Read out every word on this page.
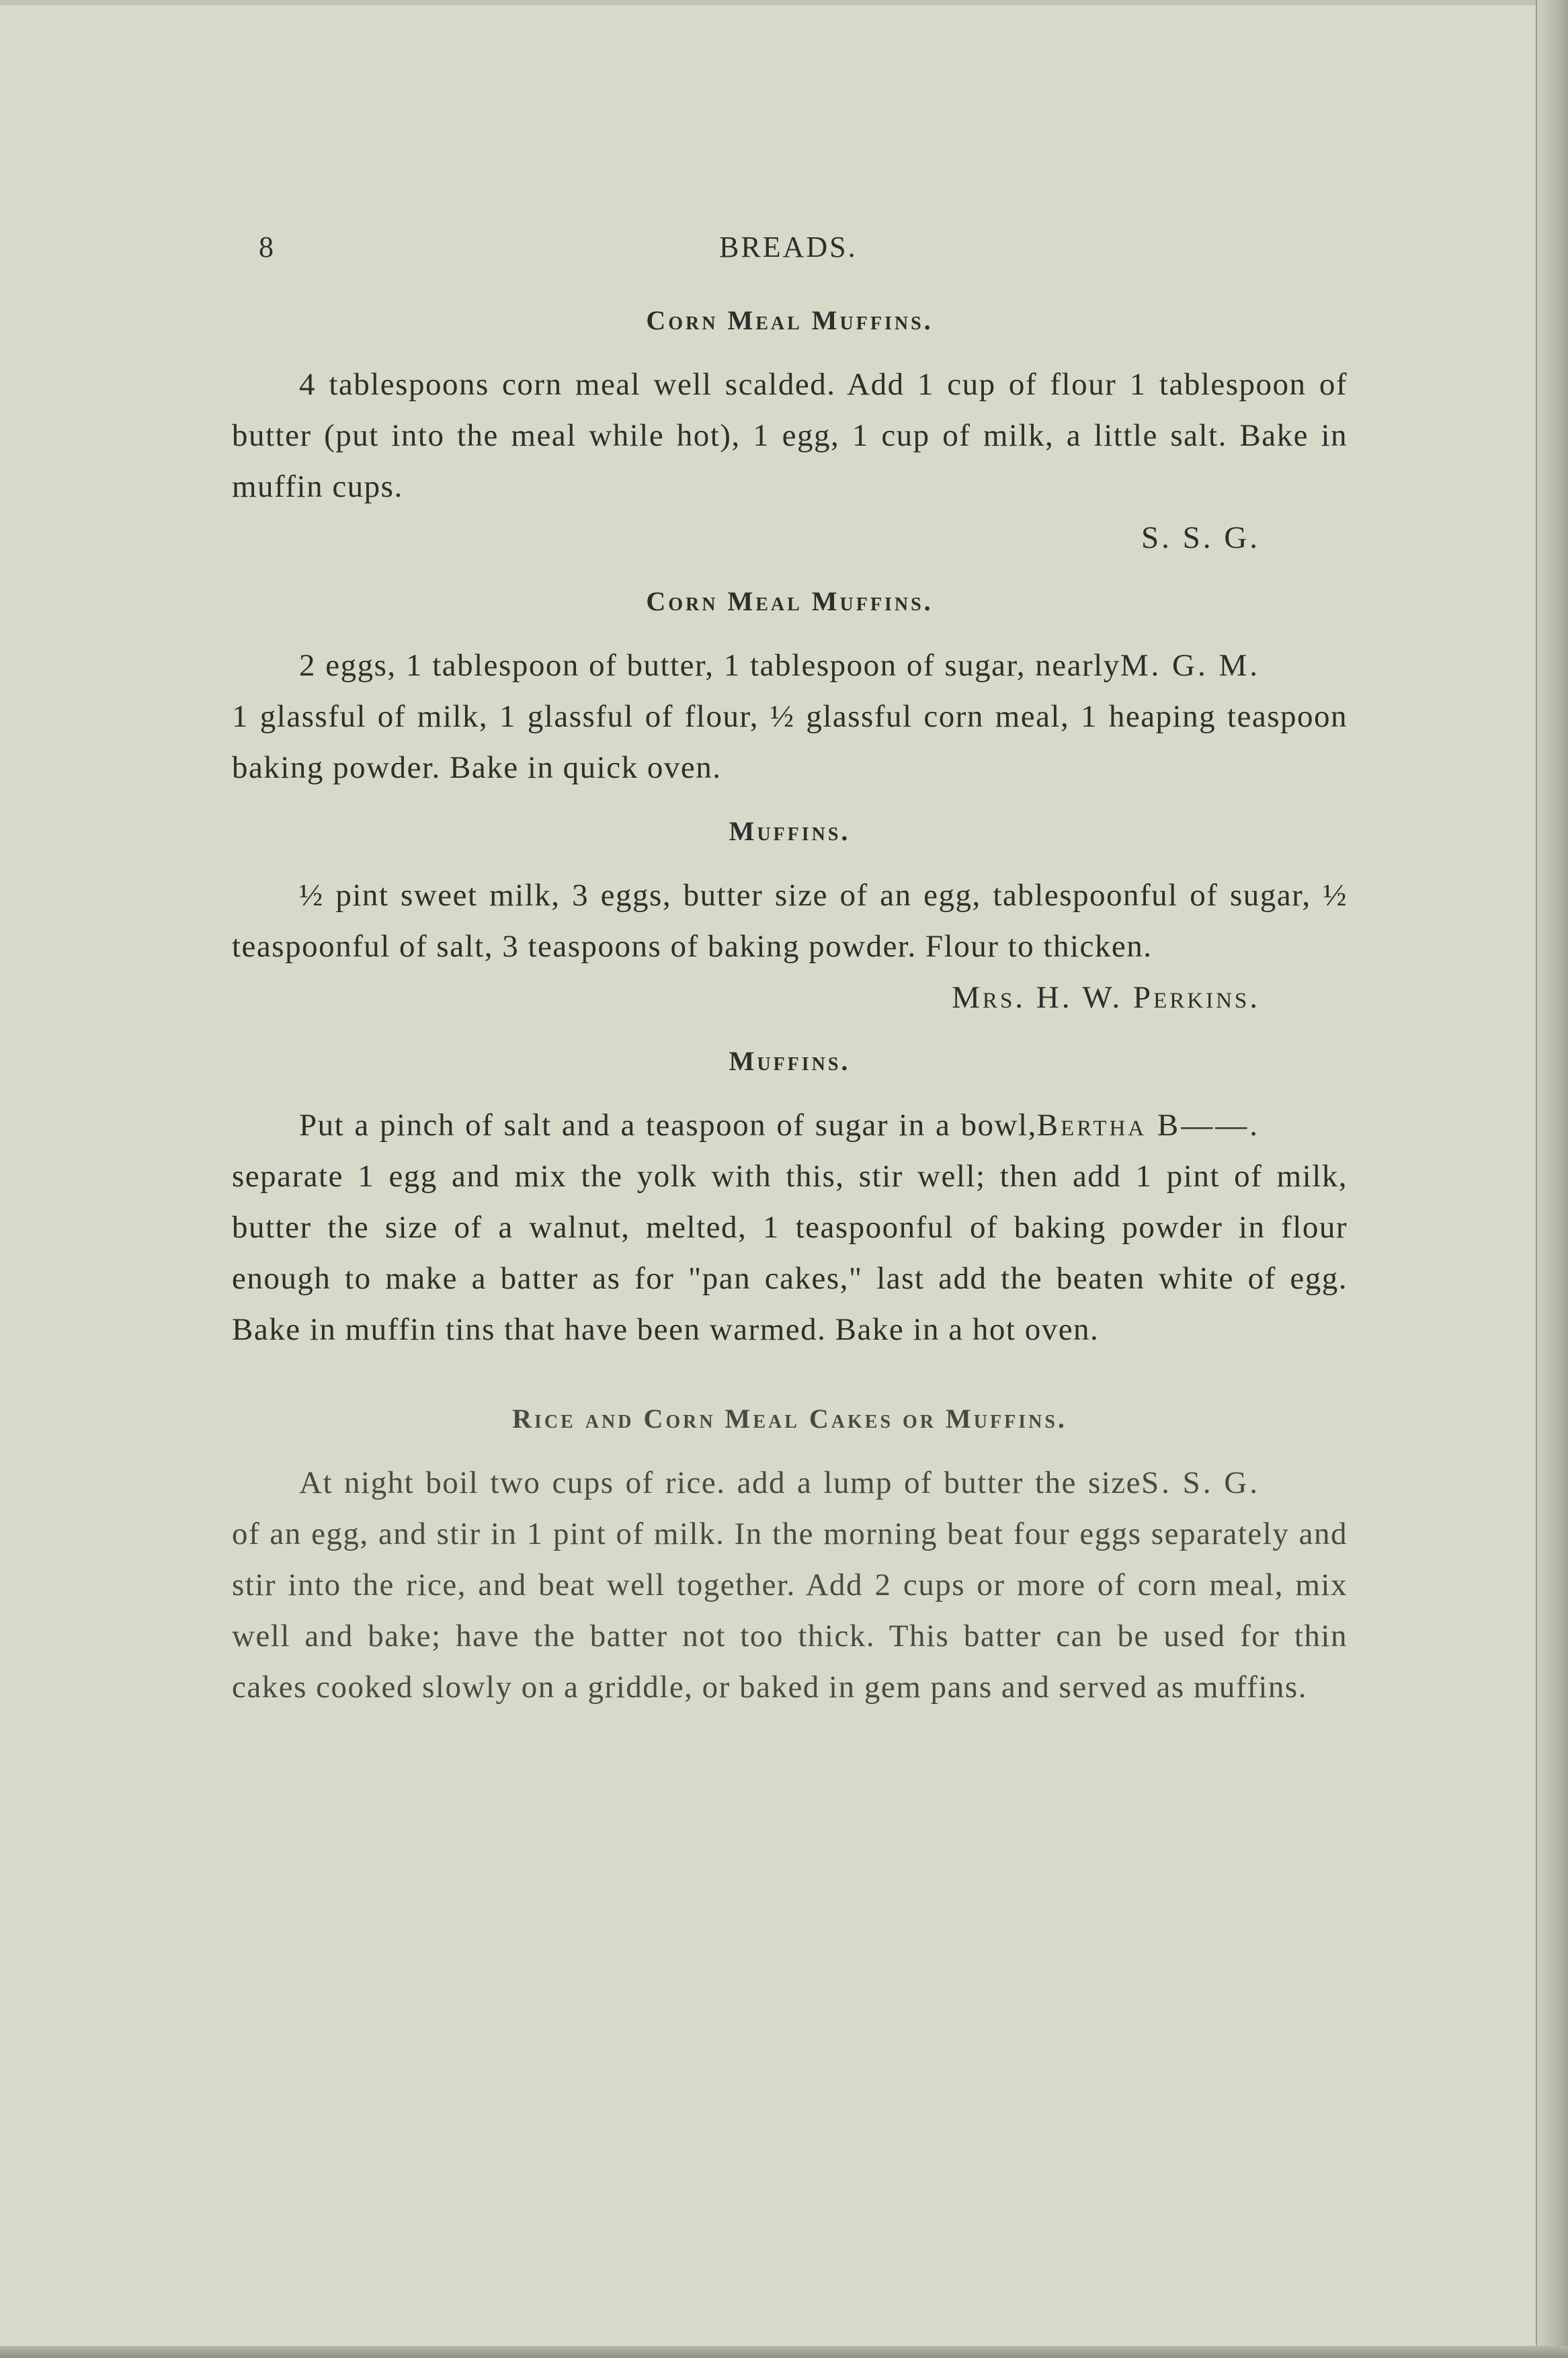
8	BREADS.
Corn Meal Muffins.

4 tablespoons corn meal well scalded. Add 1 cup of flour 1 tablespoon of butter (put into the meal while hot), 1 egg, 1 cup of milk, a little salt. Bake in muffin cups.

S. S. G.
Corn Meal Muffins.

M. G. M.
2 eggs, 1 tablespoon of butter, 1 tablespoon of sugar, nearly 1 glassful of milk, 1 glassful of flour, ½ glassful corn meal, 1 heaping teaspoon baking powder. Bake in quick oven.

Muffins.

½ pint sweet milk, 3 eggs, butter size of an egg, tablespoonful of sugar, ½ teaspoonful of salt, 3 teaspoons of baking powder. Flour to thicken.

Mrs. H. W. Perkins.
Muffins.

Bertha B——.
Put a pinch of salt and a teaspoon of sugar in a bowl, separate 1 egg and mix the yolk with this, stir well; then add 1 pint of milk, butter the size of a walnut, melted, 1 teaspoonful of baking powder in flour enough to make a batter as for "pan cakes," last add the beaten white of egg. Bake in muffin tins that have been warmed. Bake in a hot oven.

Rice and Corn Meal Cakes or Muffins.

S. S. G.
At night boil two cups of rice. add a lump of butter the size of an egg, and stir in 1 pint of milk. In the morning beat four eggs separately and stir into the rice, and beat well together. Add 2 cups or more of corn meal, mix well and bake; have the batter not too thick. This batter can be used for thin cakes cooked slowly on a griddle, or baked in gem pans and served as muffins.
